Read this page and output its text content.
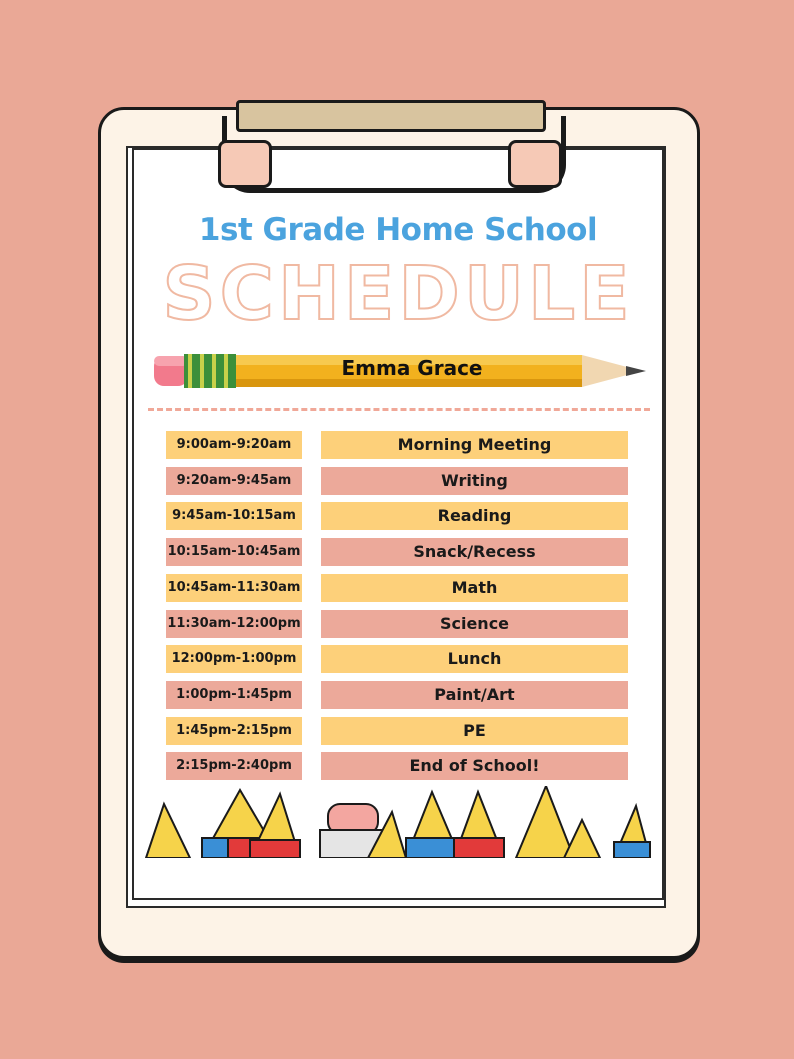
1st Grade Home School
SCHEDULE
Emma Grace
9:00am-9:20am	Morning Meeting
9:20am-9:45am	Writing
9:45am-10:15am	Reading
10:15am-10:45am	Snack/Recess
10:45am-11:30am	Math
11:30am-12:00pm	Science
12:00pm-1:00pm	Lunch
1:00pm-1:45pm	Paint/Art
1:45pm-2:15pm	PE
2:15pm-2:40pm	End of School!
